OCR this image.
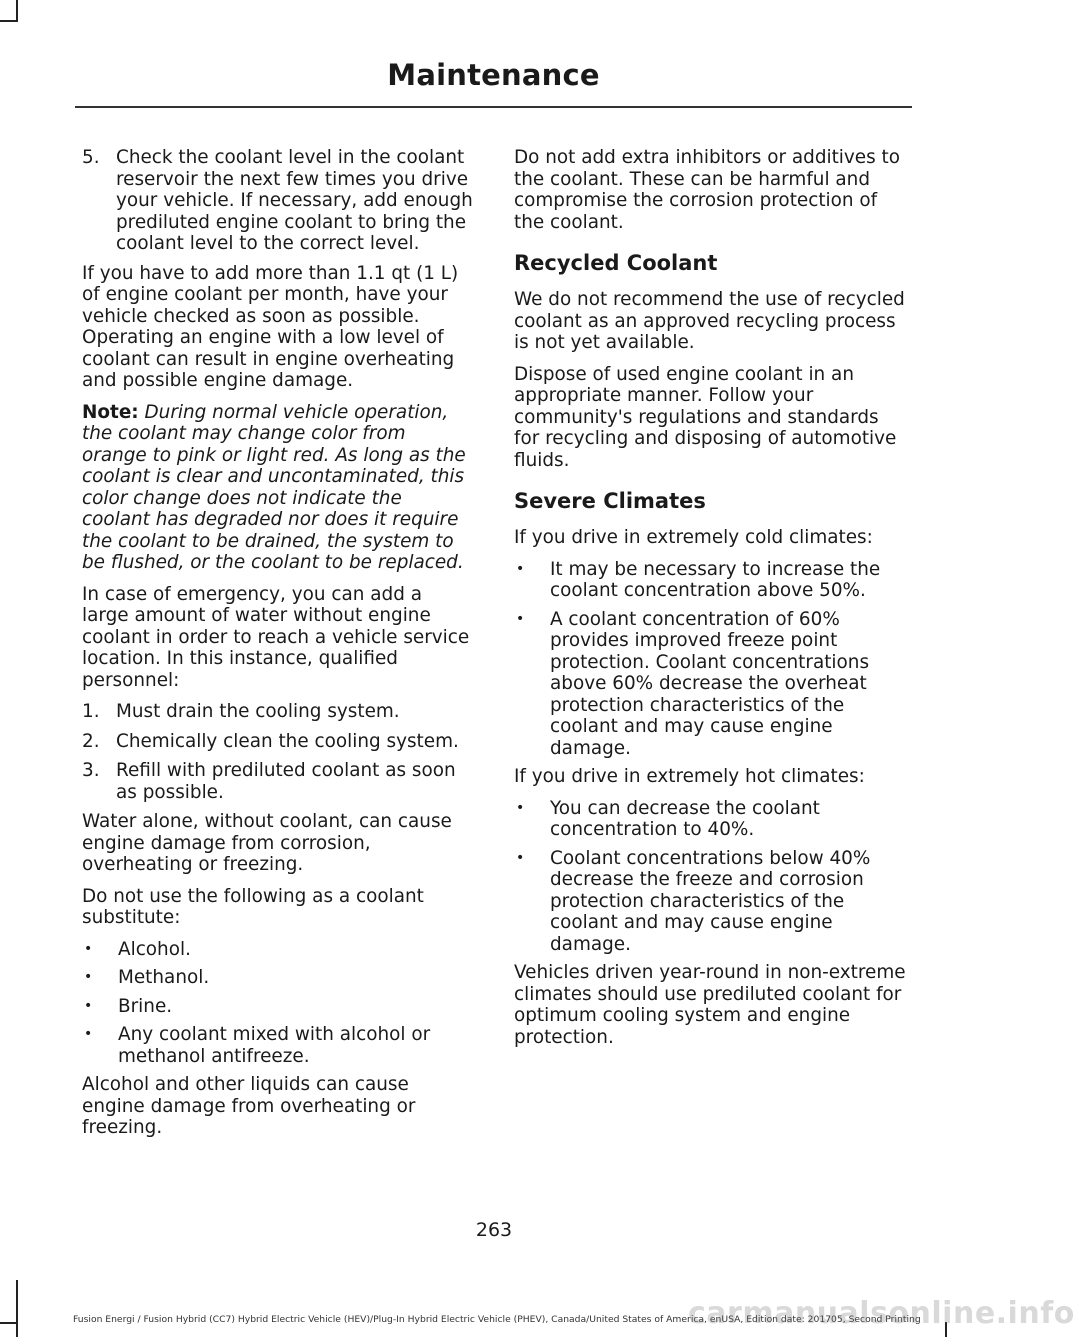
Maintenance
5. Check the coolant level in the coolant reservoir the next few times you drive your vehicle. If necessary, add enough prediluted engine coolant to bring the coolant level to the correct level.

If you have to add more than 1.1 qt (1 L) of engine coolant per month, have your vehicle checked as soon as possible. Operating an engine with a low level of coolant can result in engine overheating and possible engine damage.

Note: During normal vehicle operation, the coolant may change color from orange to pink or light red. As long as the coolant is clear and uncontaminated, this color change does not indicate the coolant has degraded nor does it require the coolant to be drained, the system to be flushed, or the coolant to be replaced.

In case of emergency, you can add a large amount of water without engine coolant in order to reach a vehicle service location. In this instance, qualified personnel:

1. Must drain the cooling system.
2. Chemically clean the cooling system.
3. Refill with prediluted coolant as soon as possible.

Water alone, without coolant, can cause engine damage from corrosion, overheating or freezing.

Do not use the following as a coolant substitute:

•	Alcohol.
•	Methanol.
•	Brine.
•	Any coolant mixed with alcohol or methanol antifreeze.

Alcohol and other liquids can cause engine damage from overheating or freezing.

Do not add extra inhibitors or additives to the coolant. These can be harmful and compromise the corrosion protection of the coolant.

Recycled Coolant

We do not recommend the use of recycled coolant as an approved recycling process is not yet available.

Dispose of used engine coolant in an appropriate manner. Follow your community's regulations and standards for recycling and disposing of automotive fluids.

Severe Climates

If you drive in extremely cold climates:

•	It may be necessary to increase the coolant concentration above 50%.
•	A coolant concentration of 60% provides improved freeze point protection. Coolant concentrations above 60% decrease the overheat protection characteristics of the coolant and may cause engine damage.

If you drive in extremely hot climates:

•	You can decrease the coolant concentration to 40%.
•	Coolant concentrations below 40% decrease the freeze and corrosion protection characteristics of the coolant and may cause engine damage.

Vehicles driven year-round in non-extreme climates should use prediluted coolant for optimum cooling system and engine protection.

263
Fusion Energi / Fusion Hybrid (CC7) Hybrid Electric Vehicle (HEV)/Plug-In Hybrid Electric Vehicle (PHEV), Canada/United States of America, enUSA, Edition date: 201705, Second Printing
carmanualsonline.info
